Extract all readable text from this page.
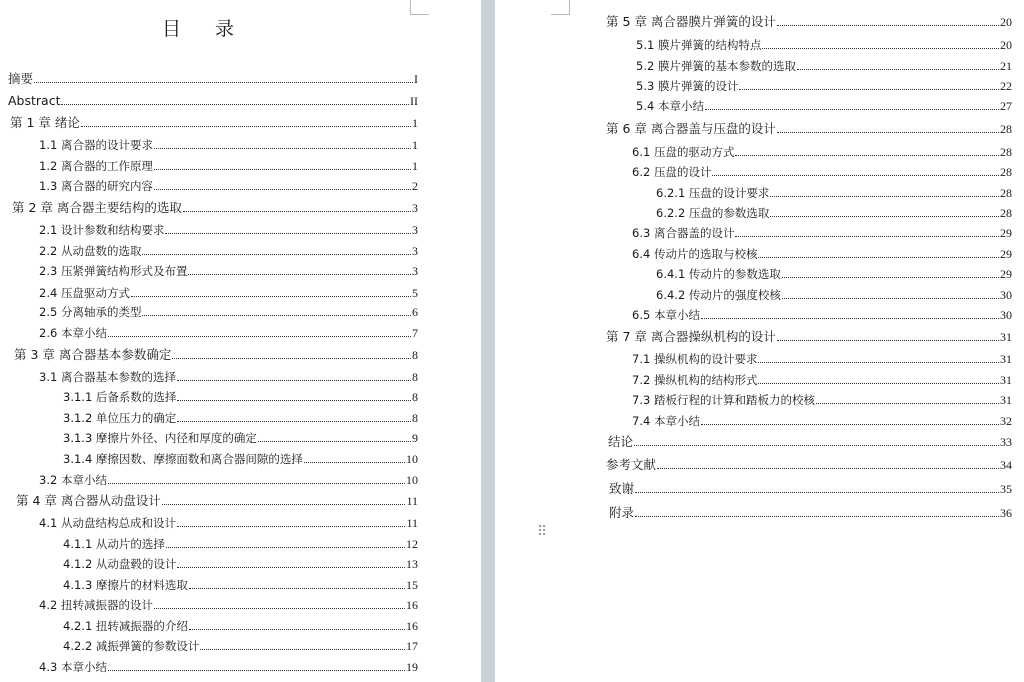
目 录
摘要	I
Abstract	II
第 1 章 绪论	1
1.1 离合器的设计要求	1
1.2 离合器的工作原理	1
1.3 离合器的研究内容	2
第 2 章 离合器主要结构的选取	3
2.1 设计参数和结构要求	3
2.2 从动盘数的选取	3
2.3 压紧弹簧结构形式及布置	3
2.4 压盘驱动方式	5
2.5 分离轴承的类型	6
2.6 本章小结	7
第 3 章 离合器基本参数确定	8
3.1 离合器基本参数的选择	8
3.1.1 后备系数的选择	8
3.1.2 单位压力的确定	8
3.1.3 摩擦片外径、内径和厚度的确定	9
3.1.4 摩擦因数、摩擦面数和离合器间隙的选择	10
3.2 本章小结	10
第 4 章 离合器从动盘设计	11
4.1 从动盘结构总成和设计	11
4.1.1 从动片的选择	12
4.1.2 从动盘毂的设计	13
4.1.3 摩擦片的材料选取	15
4.2 扭转减振器的设计	16
4.2.1 扭转减振器的介绍	16
4.2.2 减振弹簧的参数设计	17
4.3 本章小结	19
第 5 章 离合器膜片弹簧的设计	20
5.1 膜片弹簧的结构特点	20
5.2 膜片弹簧的基本参数的选取	21
5.3 膜片弹簧的设计	22
5.4 本章小结	27
第 6 章 离合器盖与压盘的设计	28
6.1 压盘的驱动方式	28
6.2 压盘的设计	28
6.2.1 压盘的设计要求	28
6.2.2 压盘的参数选取	28
6.3 离合器盖的设计	29
6.4 传动片的选取与校核	29
6.4.1 传动片的参数选取	29
6.4.2 传动片的强度校核	30
6.5 本章小结	30
第 7 章 离合器操纵机构的设计	31
7.1 操纵机构的设计要求	31
7.2 操纵机构的结构形式	31
7.3 踏板行程的计算和踏板力的校核	31
7.4 本章小结	32
结论	33
参考文献	34
致谢	35
附录	36
⠿
